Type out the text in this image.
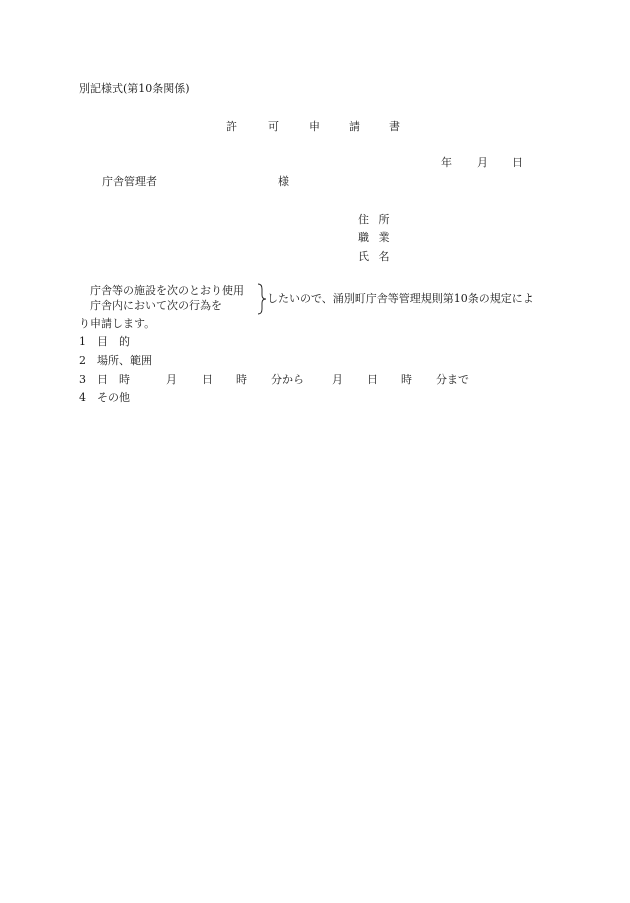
別記様式(第10条関係)
許	可	申	請	書
年 月 日
庁舎管理者	様
住 所
職 業
氏 名
庁舎等の施設を次のとおり使用
庁舎内において次の行為を
したいので、涌別町庁舎等管理規則第10条の規定によ
り申請します。
1 目　的
2 場所、範囲
3 日　時	月 日 時 分から	月 日 時 分まで
4 その他
